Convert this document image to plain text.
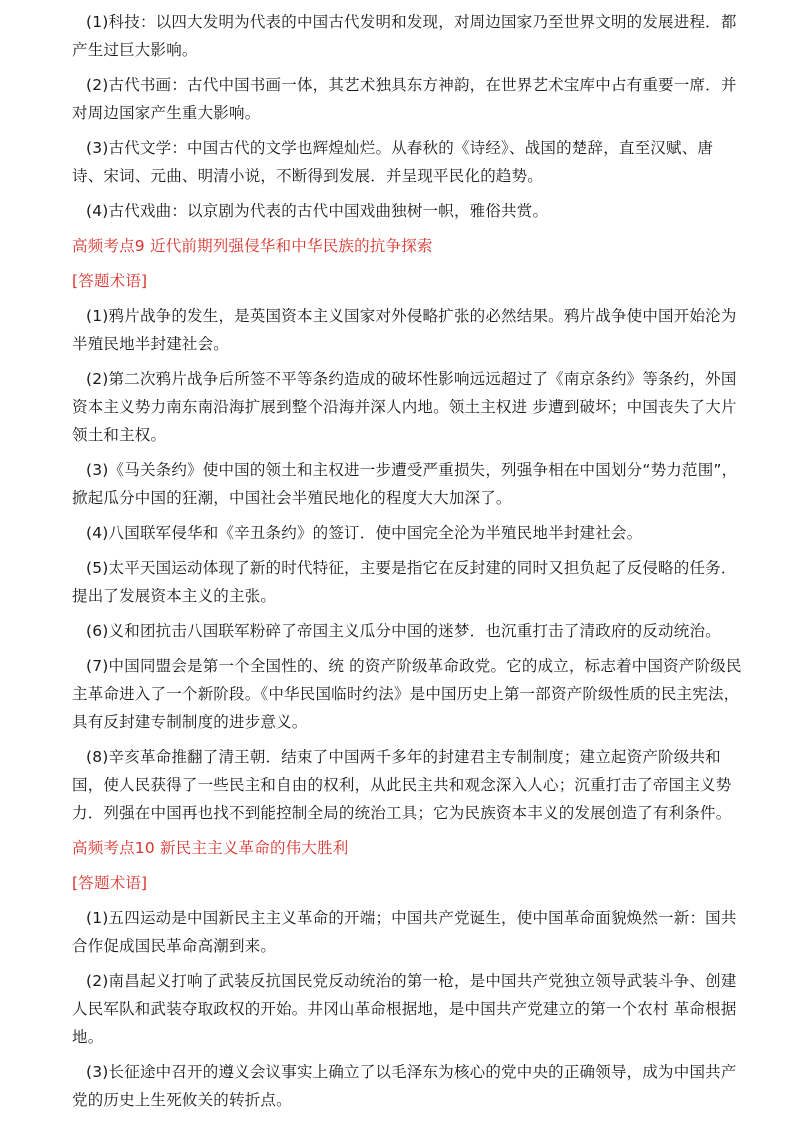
(1)科技：以四大发明为代表的中国古代发明和发现，对周边国家乃至世界文明的发展进程．都产生过巨大影响。

(2)古代书画：古代中国书画一体，其艺术独具东方神韵，在世界艺术宝库中占有重要一席．并对周边国家产生重大影响。

(3)古代文学：中国古代的文学也辉煌灿烂。从春秋的《诗经》、战国的楚辞，直至汉赋、唐诗、宋词、元曲、明清小说，不断得到发展．并呈现平民化的趋势。

(4)古代戏曲：以京剧为代表的古代中国戏曲独树一帜，雅俗共赏。

高频考点9 近代前期列强侵华和中华民族的抗争探索

[答题术语]

(1)鸦片战争的发生，是英国资本主义国家对外侵略扩张的必然结果。鸦片战争使中国开始沦为半殖民地半封建社会。

(2)第二次鸦片战争后所签不平等条约造成的破坏性影响远远超过了《南京条约》等条约，外国资本主义势力南东南沿海扩展到整个沿海并深人内地。领土主权进 步遭到破坏；中国丧失了大片领土和主权。

(3)《马关条约》使中国的领土和主权进一步遭受严重损失，列强争相在中国划分“势力范围”，掀起瓜分中国的狂潮，中国社会半殖民地化的程度大大加深了。

(4)八国联军侵华和《辛丑条约》的签订．使中国完全沦为半殖民地半封建社会。

(5)太平天国运动体现了新的时代特征，主要是指它在反封建的同时又担负起了反侵略的任务．提出了发展资本主义的主张。

(6)义和团抗击八国联军粉碎了帝国主义瓜分中国的迷梦．也沉重打击了清政府的反动统治。

(7)中国同盟会是第一个全国性的、统 的资产阶级革命政党。它的成立，标志着中国资产阶级民主革命进入了一个新阶段。《中华民国临时约法》是中国历史上第一部资产阶级性质的民主宪法，具有反封建专制制度的进步意义。

(8)辛亥革命推翻了清王朝．结束了中国两千多年的封建君主专制制度；建立起资产阶级共和国，使人民获得了一些民主和自由的权利，从此民主共和观念深入人心；沉重打击了帝国主义势力．列强在中国再也找不到能控制全局的统治工具；它为民族资本丰义的发展创造了有利条件。

高频考点10 新民主主义革命的伟大胜利

[答题术语]

(1)五四运动是中国新民主主义革命的开端；中国共产党诞生，使中国革命面貌焕然一新：国共合作促成国民革命高潮到来。

(2)南昌起义打响了武装反抗国民党反动统治的第一枪，是中国共产党独立领导武装斗争、创建人民军队和武装夺取政权的开始。井冈山革命根据地，是中国共产党建立的第一个农村 革命根据地。

(3)长征途中召开的遵义会议事实上确立了以毛泽东为核心的党中央的正确领导，成为中国共产党的历史上生死攸关的转折点。
